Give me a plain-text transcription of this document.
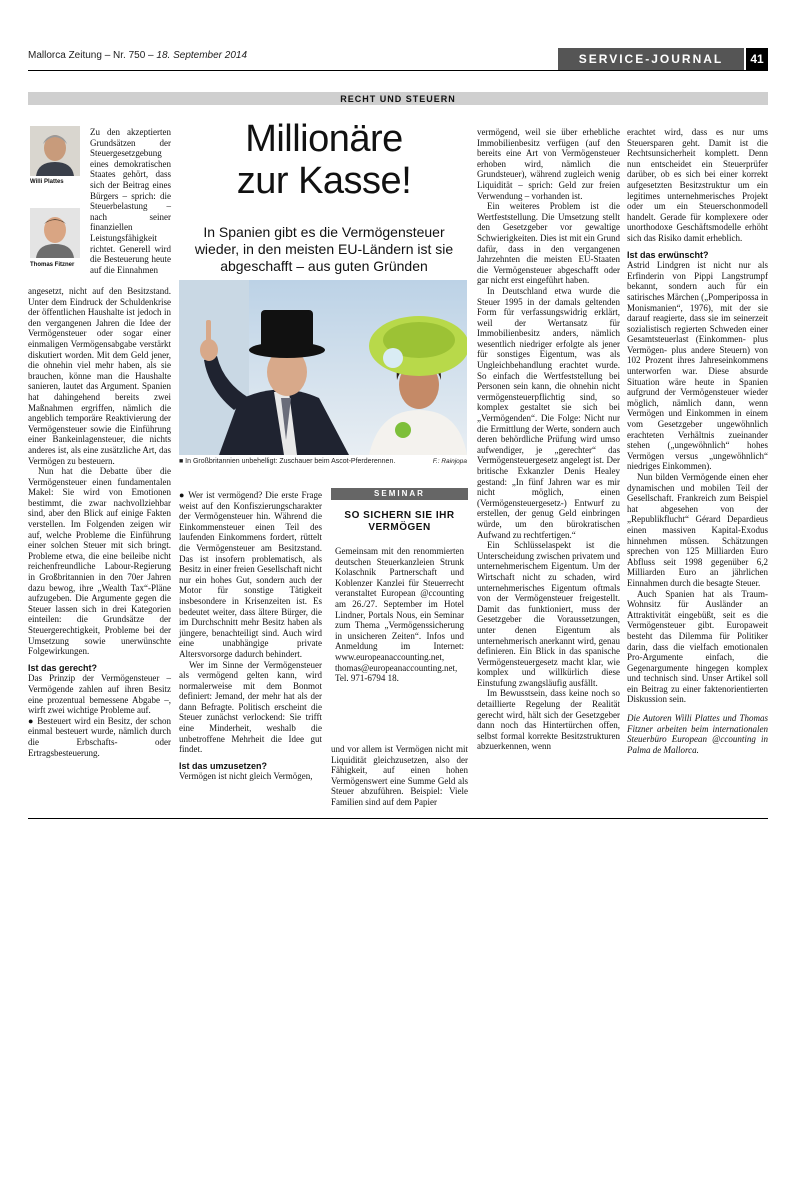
Mallorca Zeitung – Nr. 750 – 18. September 2014	SERVICE-JOURNAL	41
RECHT UND STEUERN
Willi Plattes
Thomas Fitzner

Zu den akzeptierten Grundsätzen der Steuergesetzgebung eines demokratischen Staates gehört, dass sich der Beitrag eines Bürgers – sprich: die Steuerbelastung – nach seiner finanziellen Leistungsfähigkeit richtet. Generell wird die Besteuerung heute auf die Einnahmen

angesetzt, nicht auf den Besitzstand. Unter dem Eindruck der Schuldenkrise der öffentlichen Haushalte ist jedoch in den vergangenen Jahren die Idee der Vermögensteuer oder sogar einer einmaligen Vermögensabgabe verstärkt diskutiert worden. Mit dem Geld jener, die ohnehin viel mehr haben, als sie brauchen, könne man die Haushalte sanieren, lautet das Argument. Spanien hat dahingehend bereits zwei Maßnahmen ergriffen, nämlich die angeblich temporäre Reaktivierung der Vermögensteuer sowie die Einführung einer Bankeinlagensteuer, die nichts anderes ist, als eine zusätzliche Art, das Vermögen zu besteuern.

Nun hat die Debatte über die Vermögensteuer einen fundamentalen Makel: Sie wird von Emotionen bestimmt, die zwar nachvollziehbar sind, aber den Blick auf einige Fakten verstellen. Im Folgenden zeigen wir auf, welche Probleme die Einführung einer solchen Steuer mit sich bringt. Probleme etwa, die eine beileibe nicht reichenfreundliche Labour-Regierung in Großbritannien in den 70er Jahren dazu bewog, ihre „Wealth Tax“-Pläne aufzugeben. Die Argumente gegen die Steuer lassen sich in drei Kategorien einteilen: die Grundsätze der Steuergerechtigkeit, Probleme bei der Umsetzung sowie unerwünschte Folgewirkungen.

Ist das gerecht?

Das Prinzip der Vermögensteuer – Vermögende zahlen auf ihren Besitz eine prozentual bemessene Abgabe –, wirft zwei wichtige Probleme auf.

● Besteuert wird ein Besitz, der schon einmal besteuert wurde, nämlich durch die Erbschafts- oder Ertragsbesteuerung.

Millionäre
zur Kasse!
In Spanien gibt es die Vermögensteuer wieder, in den meisten EU-Ländern ist sie abgeschafft – aus guten Gründen
■ In Großbritannien unbehelligt: Zuschauer beim Ascot-Pferderennen.	F.: Rainjopa

● Wer ist vermögend? Die erste Frage weist auf den Konfiszierungscharakter der Vermögensteuer hin. Während die Einkommensteuer einen Teil des laufenden Einkommens fordert, rüttelt die Vermögensteuer am Besitzstand. Das ist insofern problematisch, als Besitz in einer freien Gesellschaft nicht nur ein hohes Gut, sondern auch der Motor für sonstige Tätigkeit insbesondere in Krisenzeiten ist. Es bedeutet weiter, dass ältere Bürger, die im Durchschnitt mehr Besitz haben als jüngere, benachteiligt sind. Auch wird eine unabhängige private Altersvorsorge dadurch behindert.

Wer im Sinne der Vermögensteuer als vermögend gelten kann, wird normalerweise mit dem Bonmot definiert: Jemand, der mehr hat als der dann Befragte. Politisch erscheint die Steuer zunächst verlockend: Sie trifft eine Minderheit, weshalb die unbetroffene Mehrheit die Idee gut findet.

Ist das umzusetzen?

Vermögen ist nicht gleich Vermögen,

SEMINAR
SO SICHERN SIE IHR VERMÖGEN
Gemeinsam mit den renommierten deutschen Steuerkanzleien Strunk Kolaschnik Partnerschaft und Koblenzer Kanzlei für Steuerrecht veranstaltet European @ccounting am 26./27. September im Hotel Lindner, Portals Nous, ein Seminar zum Thema „Vermögenssicherung in unsicheren Zeiten“. Infos und Anmeldung im Internet: www.europeanaccounting.net, thomas@europeanaccounting.net, Tel. 971-6794 18.

und vor allem ist Vermögen nicht mit Liquidität gleichzusetzen, also der Fähigkeit, auf einen hohen Vermögenswert eine Summe Geld als Steuer abzuführen. Beispiel: Viele Familien sind auf dem Papier

vermögend, weil sie über erhebliche Immobilienbesitz verfügen (auf den bereits eine Art von Vermögensteuer erhoben wird, nämlich die Grundsteuer), während zugleich wenig Liquidität – sprich: Geld zur freien Verwendung – vorhanden ist.

Ein weiteres Problem ist die Wertfeststellung. Die Umsetzung stellt den Gesetzgeber vor gewaltige Schwierigkeiten. Dies ist mit ein Grund dafür, dass in den vergangenen Jahrzehnten die meisten EU-Staaten die Vermögensteuer abgeschafft oder gar nicht erst eingeführt haben.

In Deutschland etwa wurde die Steuer 1995 in der damals geltenden Form für verfassungswidrig erklärt, weil der Wertansatz für Immobilienbesitz anders, nämlich wesentlich niedriger erfolgte als jener für sonstiges Eigentum, was als Ungleichbehandlung erachtet wurde. So einfach die Wertfeststellung bei Personen sein kann, die ohnehin nicht vermögensteuerpflichtig sind, so komplex gestaltet sie sich bei „Vermögenden“. Die Folge: Nicht nur die Ermittlung der Werte, sondern auch deren behördliche Prüfung wird umso aufwendiger, je „gerechter“ das Vermögensteuergesetz angelegt ist. Der britische Exkanzler Denis Healey gestand: „In fünf Jahren war es mir nicht möglich, einen (Vermögensteuergesetz-) Entwurf zu erstellen, der genug Geld einbringen würde, um den bürokratischen Aufwand zu rechtfertigen.“

Ein Schlüsselaspekt ist die Unterscheidung zwischen privatem und unternehmerischem Eigentum. Um der Wirtschaft nicht zu schaden, wird unternehmerisches Eigentum oftmals von der Vermögensteuer freigestellt. Damit das funktioniert, muss der Gesetzgeber die Voraussetzungen, unter denen Eigentum als unternehmerisch anerkannt wird, genau definieren. Ein Blick in das spanische Vermögensteuergesetz macht klar, wie komplex und willkürlich diese Einstufung zwangsläufig ausfällt.

Im Bewusstsein, dass keine noch so detaillierte Regelung der Realität gerecht wird, hält sich der Gesetzgeber dann noch das Hintertürchen offen, selbst formal korrekte Besitzstrukturen abzuerkennen, wenn

erachtet wird, dass es nur ums Steuersparen geht. Damit ist die Rechtsunsicherheit komplett. Denn nun entscheidet ein Steuerprüfer darüber, ob es sich bei einer korrekt aufgesetzten Besitzstruktur um ein legitimes unternehmerisches Projekt oder um ein Steuerschonmodell handelt. Gerade für komplexere oder unorthodoxe Geschäftsmodelle erhöht sich das Risiko damit erheblich.

Ist das erwünscht?

Astrid Lindgren ist nicht nur als Erfinderin von Pippi Langstrumpf bekannt, sondern auch für ein satirisches Märchen („Pomperipossa in Monismanien“, 1976), mit der sie darauf reagierte, dass sie im seinerzeit sozialistisch regierten Schweden einer Gesamtsteuerlast (Einkommen- plus Vermögen- plus andere Steuern) von 102 Prozent ihres Jahreseinkommens unterworfen war. Diese absurde Situation wäre heute in Spanien aufgrund der Vermögensteuer wieder möglich, nämlich dann, wenn Vermögen und Einkommen in einem vom Gesetzgeber ungewöhnlich erachteten Verhältnis zueinander stehen („ungewöhnlich“ hohes Vermögen versus „ungewöhnlich“ niedriges Einkommen).

Nun bilden Vermögende einen eher dynamischen und mobilen Teil der Gesellschaft. Frankreich zum Beispiel hat abgesehen von der „Republikflucht“ Gérard Depardieus einen massiven Kapital-Exodus hinnehmen müssen. Schätzungen sprechen von 125 Milliarden Euro Abfluss seit 1998 gegenüber 6,2 Milliarden Euro an jährlichen Einnahmen durch die besagte Steuer.

Auch Spanien hat als Traum-Wohnsitz für Ausländer an Attraktivität eingebüßt, seit es die Vermögensteuer gibt. Europaweit besteht das Dilemma für Politiker darin, dass die vielfach emotionalen Pro-Argumente einfach, die Gegenargumente hingegen komplex und technisch sind. Unser Artikel soll ein Beitrag zu einer faktenorientierten Diskussion sein.

Die Autoren Willi Plattes und Thomas Fitzner arbeiten beim internationalen Steuerbüro European @ccounting in Palma de Mallorca.
